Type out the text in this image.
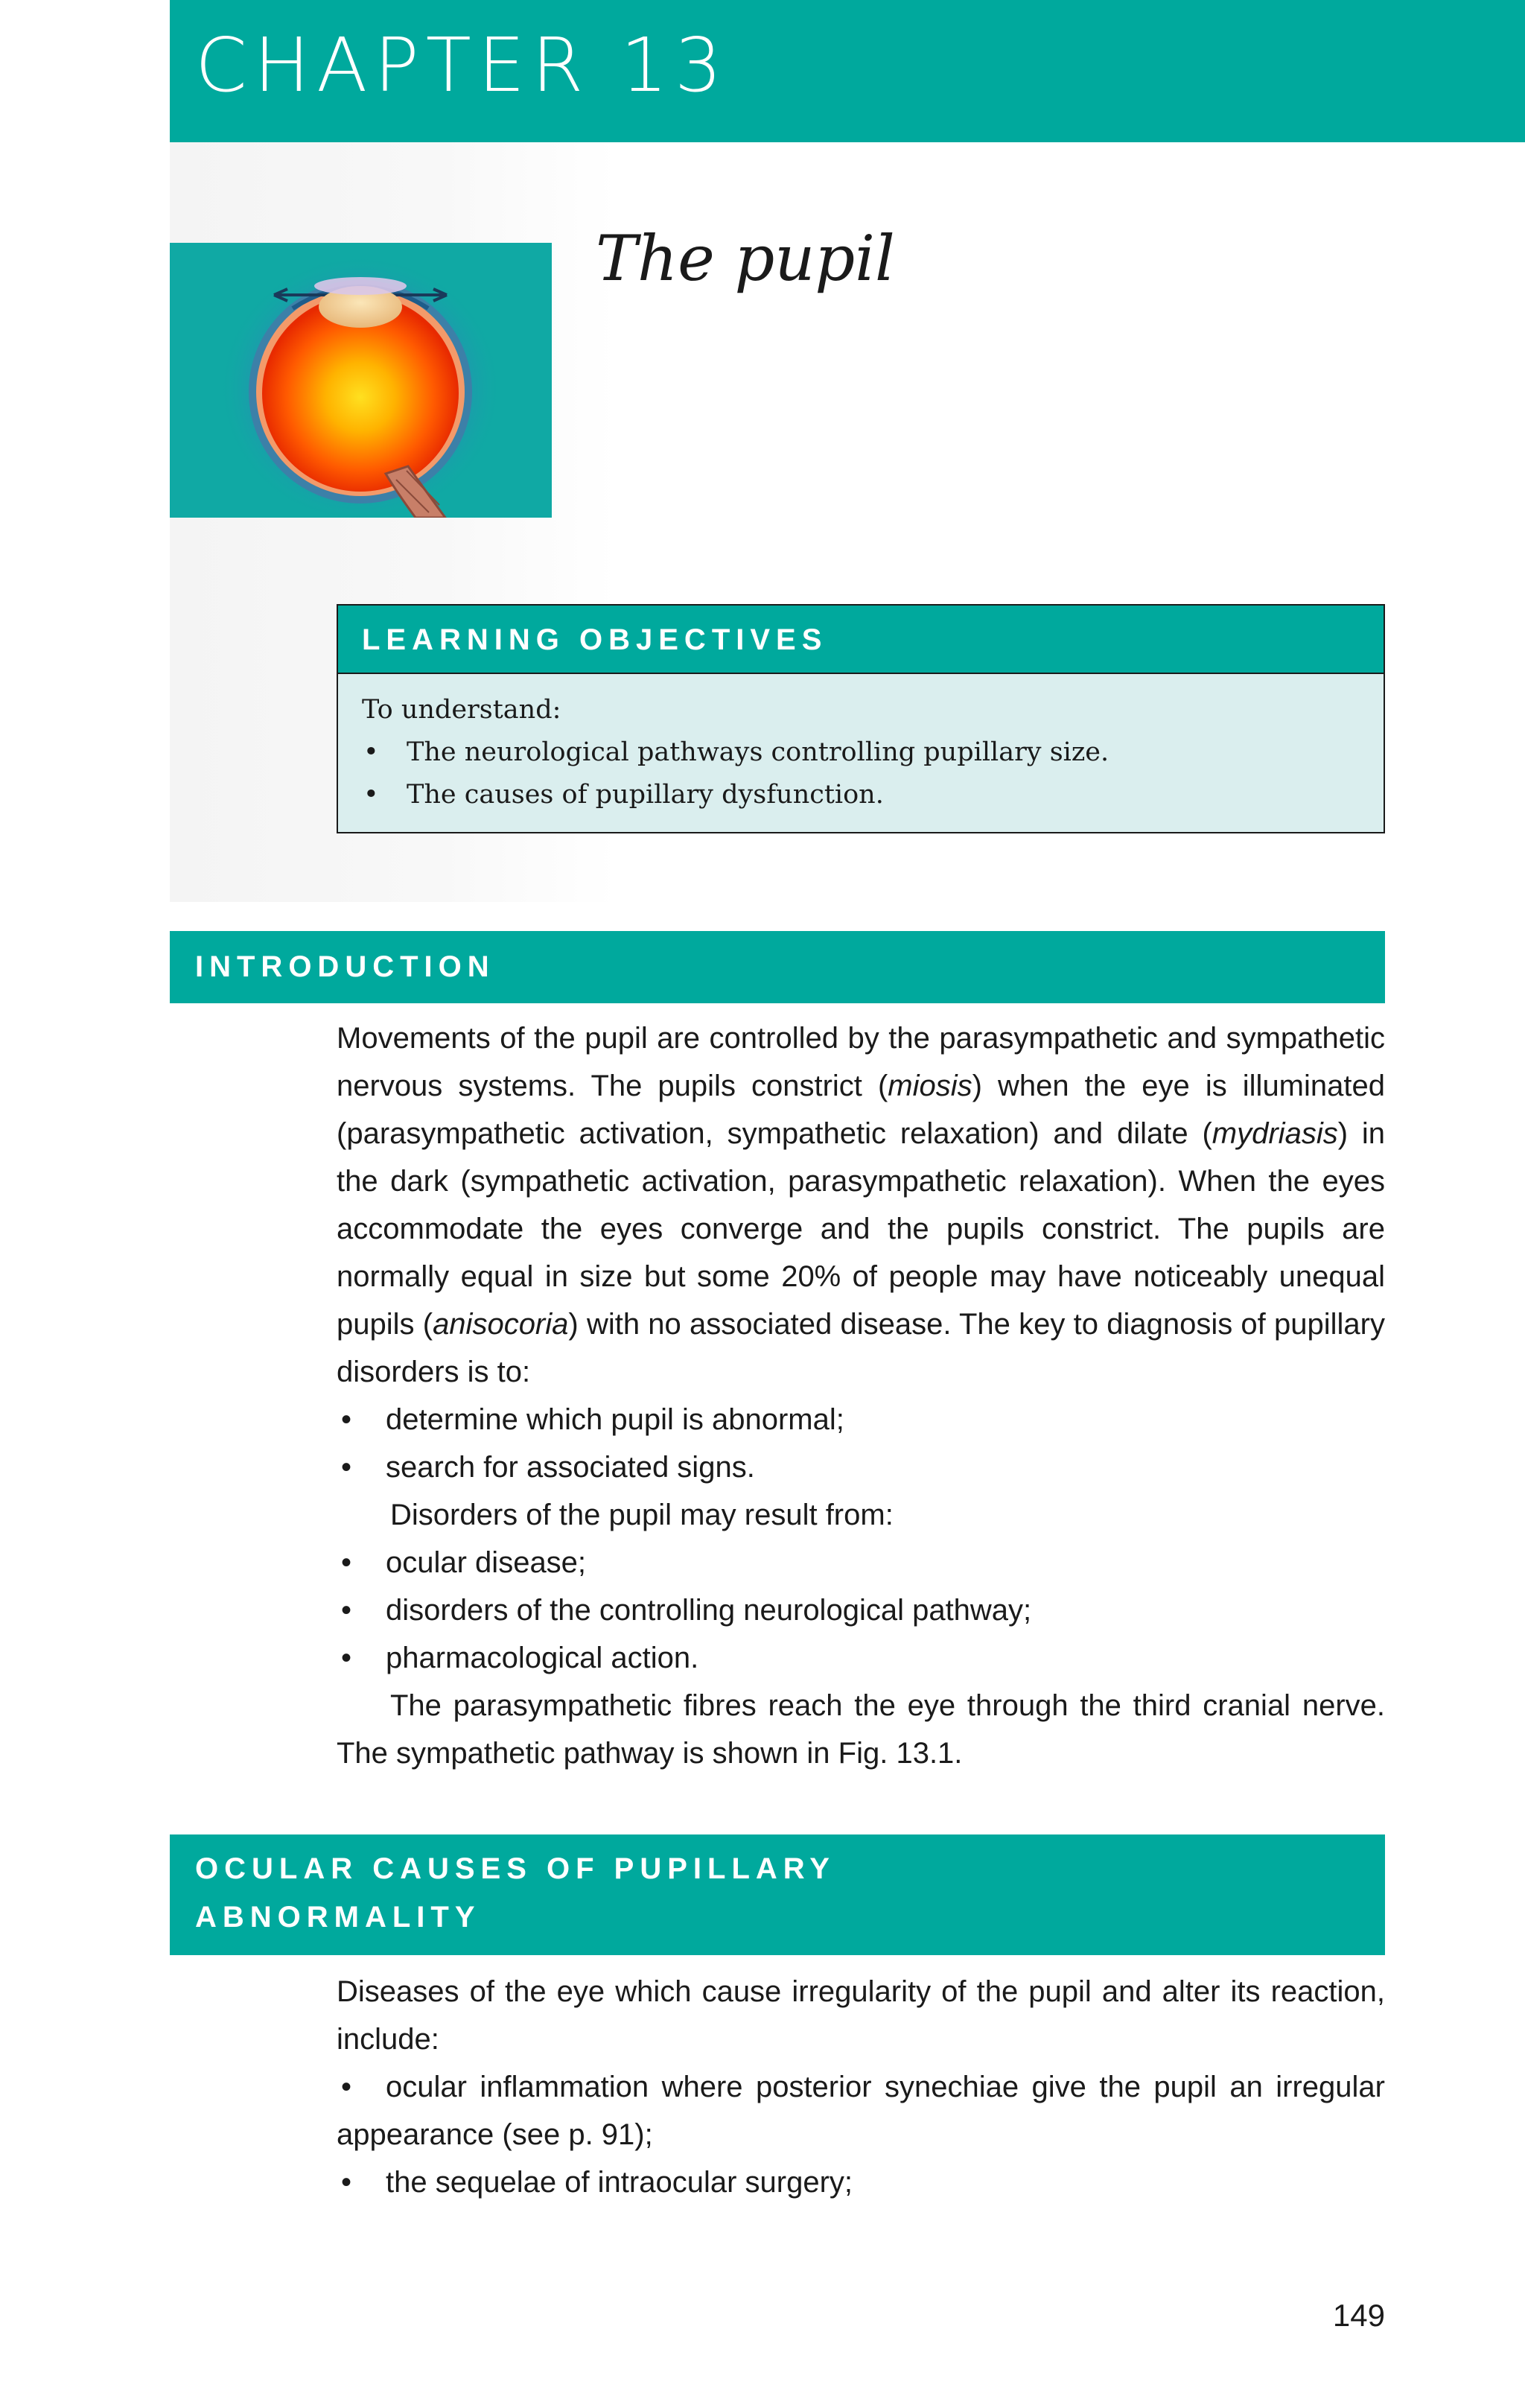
CHAPTER 13
The pupil
LEARNING OBJECTIVES
To understand:
• The neurological pathways controlling pupillary size.
• The causes of pupillary dysfunction.
INTRODUCTION

Movements of the pupil are controlled by the parasympathetic and sympathetic nervous systems. The pupils constrict (miosis) when the eye is illuminated (parasympathetic activation, sympathetic relaxation) and dilate (mydriasis) in the dark (sympathetic activation, parasympathetic relaxation). When the eyes accommodate the eyes converge and the pupils constrict. The pupils are normally equal in size but some 20% of people may have noticeably unequal pupils (anisocoria) with no associated disease. The key to diagnosis of pupillary disorders is to:

• determine which pupil is abnormal;
• search for associated signs.

Disorders of the pupil may result from:

• ocular disease;
• disorders of the controlling neurological pathway;
• pharmacological action.

The parasympathetic fibres reach the eye through the third cranial nerve. The sympathetic pathway is shown in Fig. 13.1.

OCULAR CAUSES OF PUPILLARY
ABNORMALITY

Diseases of the eye which cause irregularity of the pupil and alter its reaction, include:

• ocular inflammation where posterior synechiae give the pupil an irregular appearance (see p. 91);
• the sequelae of intraocular surgery;
149
